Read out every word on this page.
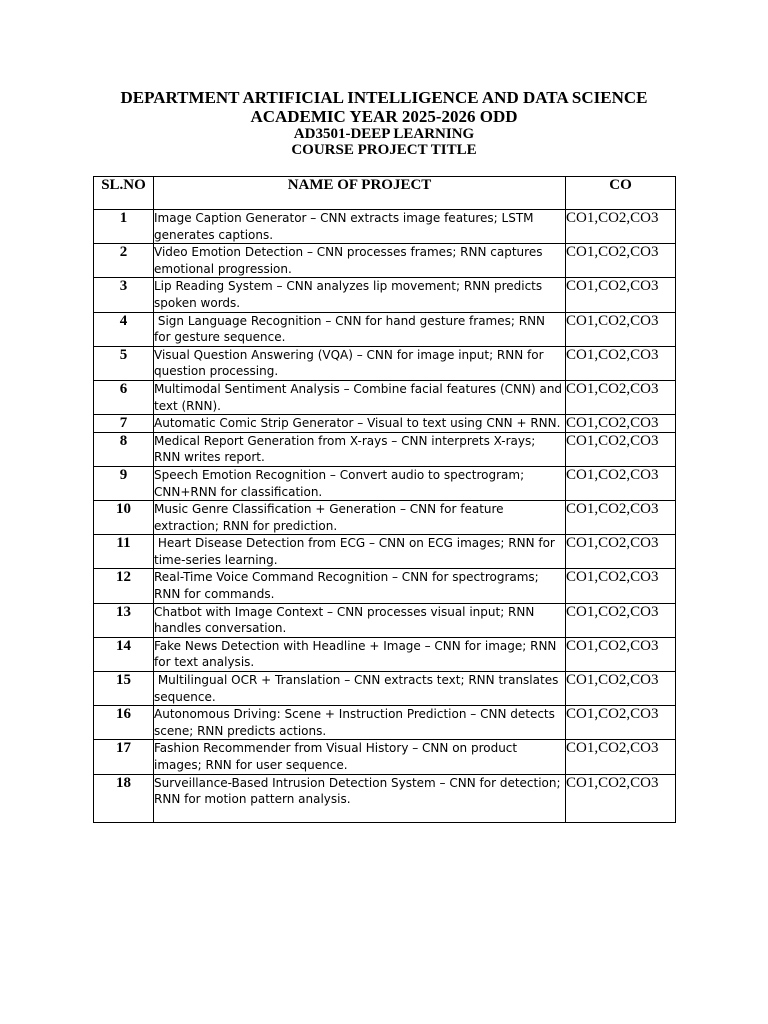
DEPARTMENT ARTIFICIAL INTELLIGENCE AND DATA SCIENCE
ACADEMIC YEAR 2025-2026 ODD
AD3501-DEEP LEARNING
COURSE PROJECT TITLE
SL.NO	NAME OF PROJECT	CO
1	Image Caption Generator – CNN extracts image features; LSTM generates captions.	CO1,CO2,CO3
2	Video Emotion Detection – CNN processes frames; RNN captures emotional progression.	CO1,CO2,CO3
3	Lip Reading System – CNN analyzes lip movement; RNN predicts spoken words.	CO1,CO2,CO3
4	Sign Language Recognition – CNN for hand gesture frames; RNN for gesture sequence.	CO1,CO2,CO3
5	Visual Question Answering (VQA) – CNN for image input; RNN for question processing.	CO1,CO2,CO3
6	Multimodal Sentiment Analysis – Combine facial features (CNN) and text (RNN).	CO1,CO2,CO3
7	Automatic Comic Strip Generator – Visual to text using CNN + RNN.	CO1,CO2,CO3
8	Medical Report Generation from X-rays – CNN interprets X-rays; RNN writes report.	CO1,CO2,CO3
9	Speech Emotion Recognition – Convert audio to spectrogram; CNN+RNN for classification.	CO1,CO2,CO3
10	Music Genre Classification + Generation – CNN for feature extraction; RNN for prediction.	CO1,CO2,CO3
11	Heart Disease Detection from ECG – CNN on ECG images; RNN for time-series learning.	CO1,CO2,CO3
12	Real-Time Voice Command Recognition – CNN for spectrograms; RNN for commands.	CO1,CO2,CO3
13	Chatbot with Image Context – CNN processes visual input; RNN handles conversation.	CO1,CO2,CO3
14	Fake News Detection with Headline + Image – CNN for image; RNN for text analysis.	CO1,CO2,CO3
15	Multilingual OCR + Translation – CNN extracts text; RNN translates sequence.	CO1,CO2,CO3
16	Autonomous Driving: Scene + Instruction Prediction – CNN detects scene; RNN predicts actions.	CO1,CO2,CO3
17	Fashion Recommender from Visual History – CNN on product images; RNN for user sequence.	CO1,CO2,CO3
18	Surveillance-Based Intrusion Detection System – CNN for detection; RNN for motion pattern analysis.	CO1,CO2,CO3
